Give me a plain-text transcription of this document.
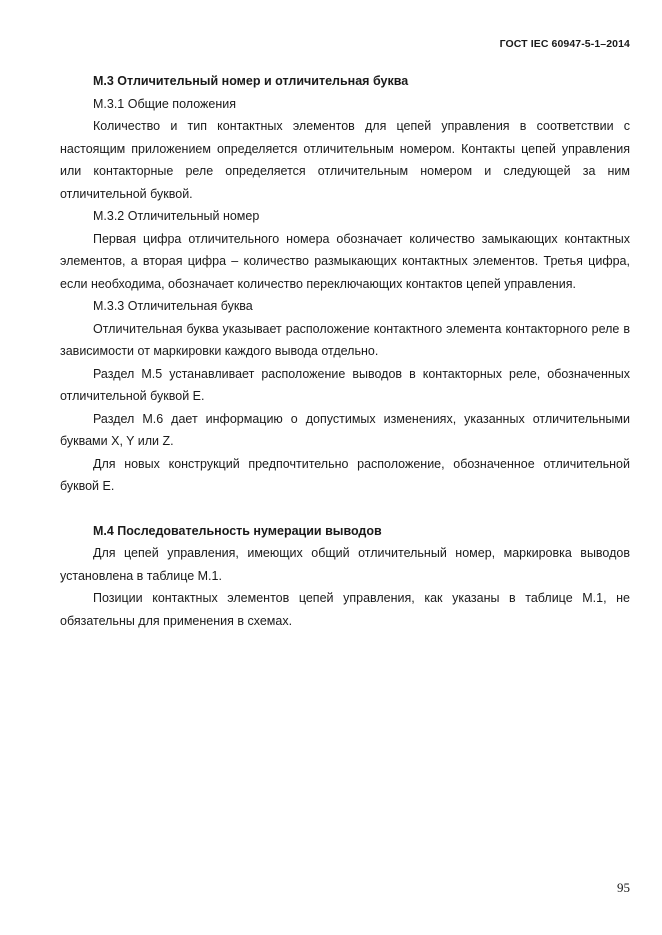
ГОСТ IEC 60947-5-1–2014

М.3 Отличительный номер и отличительная буква

М.3.1 Общие положения

Количество и тип контактных элементов для цепей управления в соответствии с настоящим приложением определяется отличительным номером. Контакты цепей управления или контакторные реле определяется отличительным номером и следующей за ним отличительной буквой.

М.3.2 Отличительный номер

Первая цифра отличительного номера обозначает количество замыкающих контактных элементов, а вторая цифра – количество размыкающих контактных элементов. Третья цифра, если необходима, обозначает количество переключающих контактов цепей управления.

М.3.3 Отличительная буква

Отличительная буква указывает расположение контактного элемента контакторного реле в зависимости от маркировки каждого вывода отдельно.

Раздел М.5 устанавливает расположение выводов в контакторных реле, обозначенных отличительной буквой Е.

Раздел М.6 дает информацию о допустимых изменениях, указанных отличительными буквами X, Y или Z.

Для новых конструкций предпочтительно расположение, обозначенное отличительной буквой Е.

М.4 Последовательность нумерации выводов

Для цепей управления, имеющих общий отличительный номер, маркировка выводов установлена в таблице М.1.

Позиции контактных элементов цепей управления, как указаны в таблице М.1, не обязательны для применения в схемах.

95
